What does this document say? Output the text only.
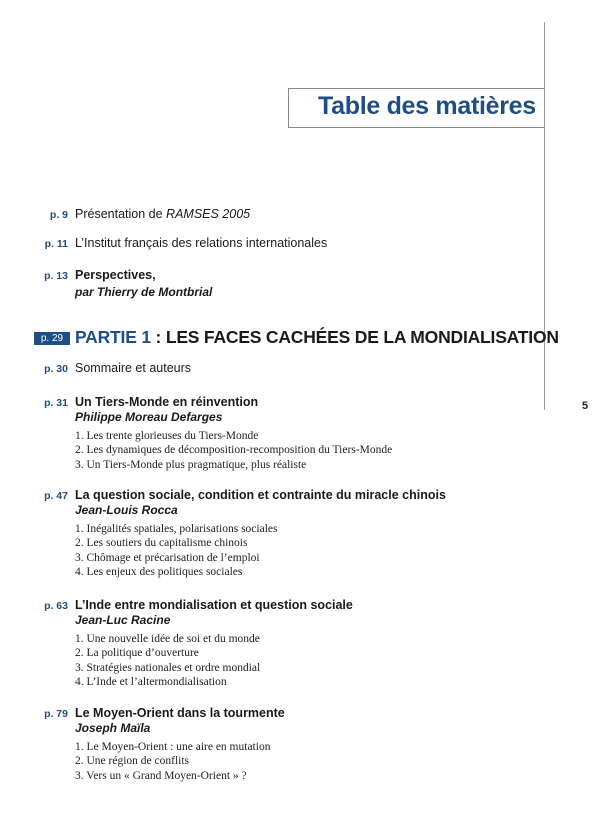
Table des matières
5
p. 9 Présentation de RAMSES 2005
p. 11 L’Institut français des relations internationales
p. 13 Perspectives,
par Thierry de Montbrial
p. 29 PARTIE 1 : LES FACES CACHÉES DE LA MONDIALISATION
p. 30 Sommaire et auteurs
p. 31 Un Tiers-Monde en réinvention
Philippe Moreau Defarges
1. Les trente glorieuses du Tiers-Monde
2. Les dynamiques de décomposition-recomposition du Tiers-Monde
3. Un Tiers-Monde plus pragmatique, plus réaliste
p. 47 La question sociale, condition et contrainte du miracle chinois
Jean-Louis Rocca
1. Inégalités spatiales, polarisations sociales
2. Les soutiers du capitalisme chinois
3. Chômage et précarisation de l’emploi
4. Les enjeux des politiques sociales
p. 63 L’Inde entre mondialisation et question sociale
Jean-Luc Racine
1. Une nouvelle idée de soi et du monde
2. La politique d’ouverture
3. Stratégies nationales et ordre mondial
4. L’Inde et l’altermondialisation
p. 79 Le Moyen-Orient dans la tourmente
Joseph Maïla
1. Le Moyen-Orient : une aire en mutation
2. Une région de conflits
3. Vers un « Grand Moyen-Orient » ?
